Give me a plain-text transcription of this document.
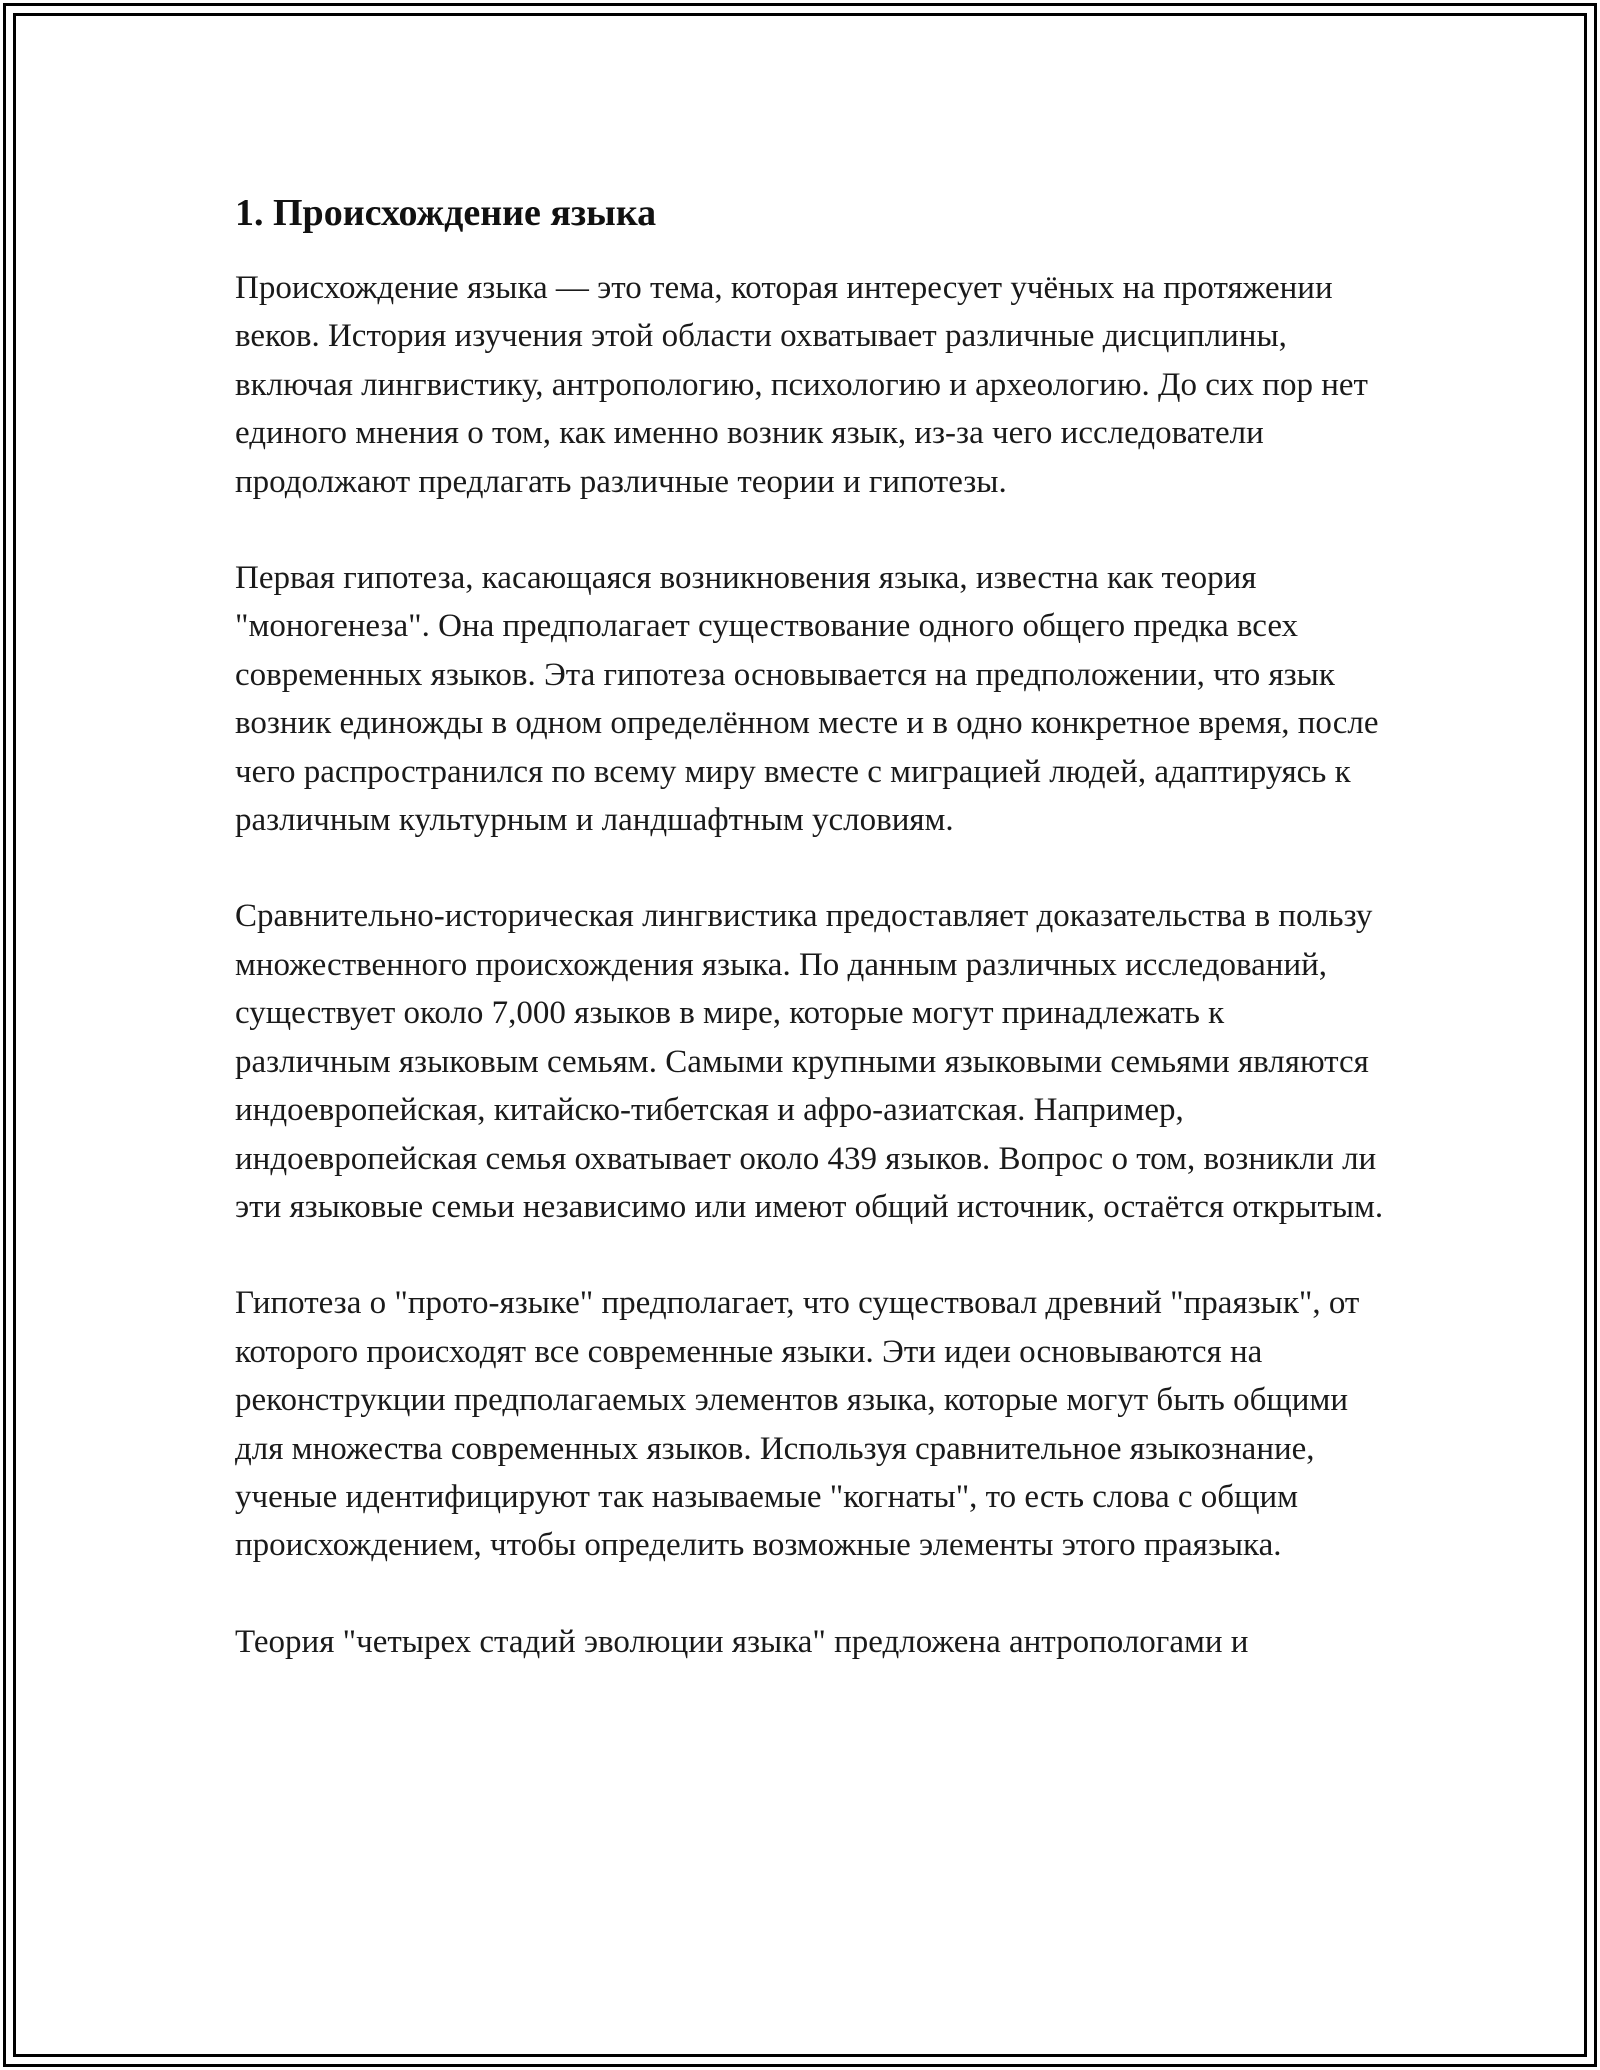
1. Происхождение языка

Происхождение языка — это тема, которая интересует учёных на протяжении веков. История изучения этой области охватывает различные дисциплины, включая лингвистику, антропологию, психологию и археологию. До сих пор нет единого мнения о том, как именно возник язык, из-за чего исследователи продолжают предлагать различные теории и гипотезы.

Первая гипотеза, касающаяся возникновения языка, известна как теория "моногенеза". Она предполагает существование одного общего предка всех современных языков. Эта гипотеза основывается на предположении, что язык возник единожды в одном определённом месте и в одно конкретное время, после чего распространился по всему миру вместе с миграцией людей, адаптируясь к различным культурным и ландшафтным условиям.

Сравнительно-историческая лингвистика предоставляет доказательства в пользу множественного происхождения языка. По данным различных исследований, существует около 7,000 языков в мире, которые могут принадлежать к различным языковым семьям. Самыми крупными языковыми семьями являются индоевропейская, китайско-тибетская и афро-азиатская. Например, индоевропейская семья охватывает около 439 языков. Вопрос о том, возникли ли эти языковые семьи независимо или имеют общий источник, остаётся открытым.

Гипотеза о "прото-языке" предполагает, что существовал древний "праязык", от которого происходят все современные языки. Эти идеи основываются на реконструкции предполагаемых элементов языка, которые могут быть общими для множества современных языков. Используя сравнительное языкознание, ученые идентифицируют так называемые "когнаты", то есть слова с общим происхождением, чтобы определить возможные элементы этого праязыка.

Теория "четырех стадий эволюции языка" предложена антропологами и
